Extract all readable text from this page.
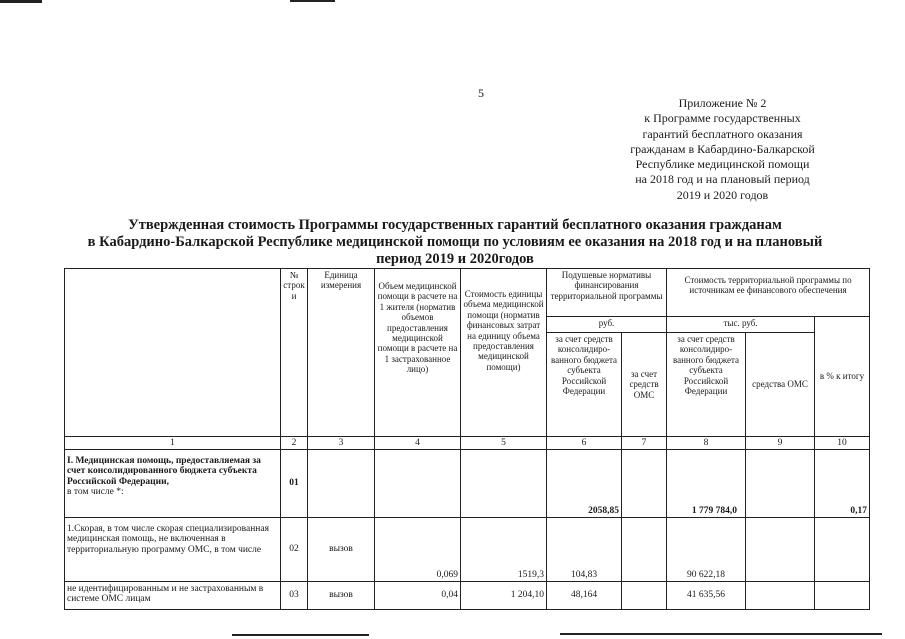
5
Приложение № 2
к Программе государственных
гарантий бесплатного оказания
гражданам в Кабардино-Балкарской
Республике медицинской помощи
на 2018 год и на плановый период
2019 и 2020 годов
Утвержденная стоимость Программы государственных гарантий бесплатного оказания гражданам
в Кабардино-Балкарской Республике медицинской помощи по условиям ее оказания на 2018 год и на плановый
период 2019 и 2020годов
	№ строк и	Единица измерения	Объем медицинской помощи в расчете на 1 жителя (норматив объемов предоставления медицинской помощи в расчете на 1 застрахованное лицо)	Стоимость единицы объема медицинской помощи (норматив финансовых затрат на единицу объема предоставления медицинской помощи)	Подушевые нормативы финансирования территориальной программы		Стоимость территориальной программы по источникам ее финансового обеспечения		
					руб.		тыс. руб.		в % к итогу
					за счет средств консолидиро- ванного бюджета субъекта Российской Федерации	за счет средств ОМС	за счет средств консолидиро- ванного бюджета субъекта Российской Федерации	средства ОМС	
1	2	3	4	5	6	7	8	9	10
I. Медицинская помощь, предоставляемая за счет консолидированного бюджета субъекта Российской Федерации,
в том числе *:	01				2058,85		1 779 784,0		0,17
1.Скорая, в том числе скорая специализированная медицинская помощь, не включенная в территориальную программу ОМС, в том числе	02	вызов	0,069	1519,3	104,83		90 622,18		
не идентифицированным и не застрахованным в системе ОМС лицам	03	вызов	0,04	1 204,10	48,164		41 635,56		
